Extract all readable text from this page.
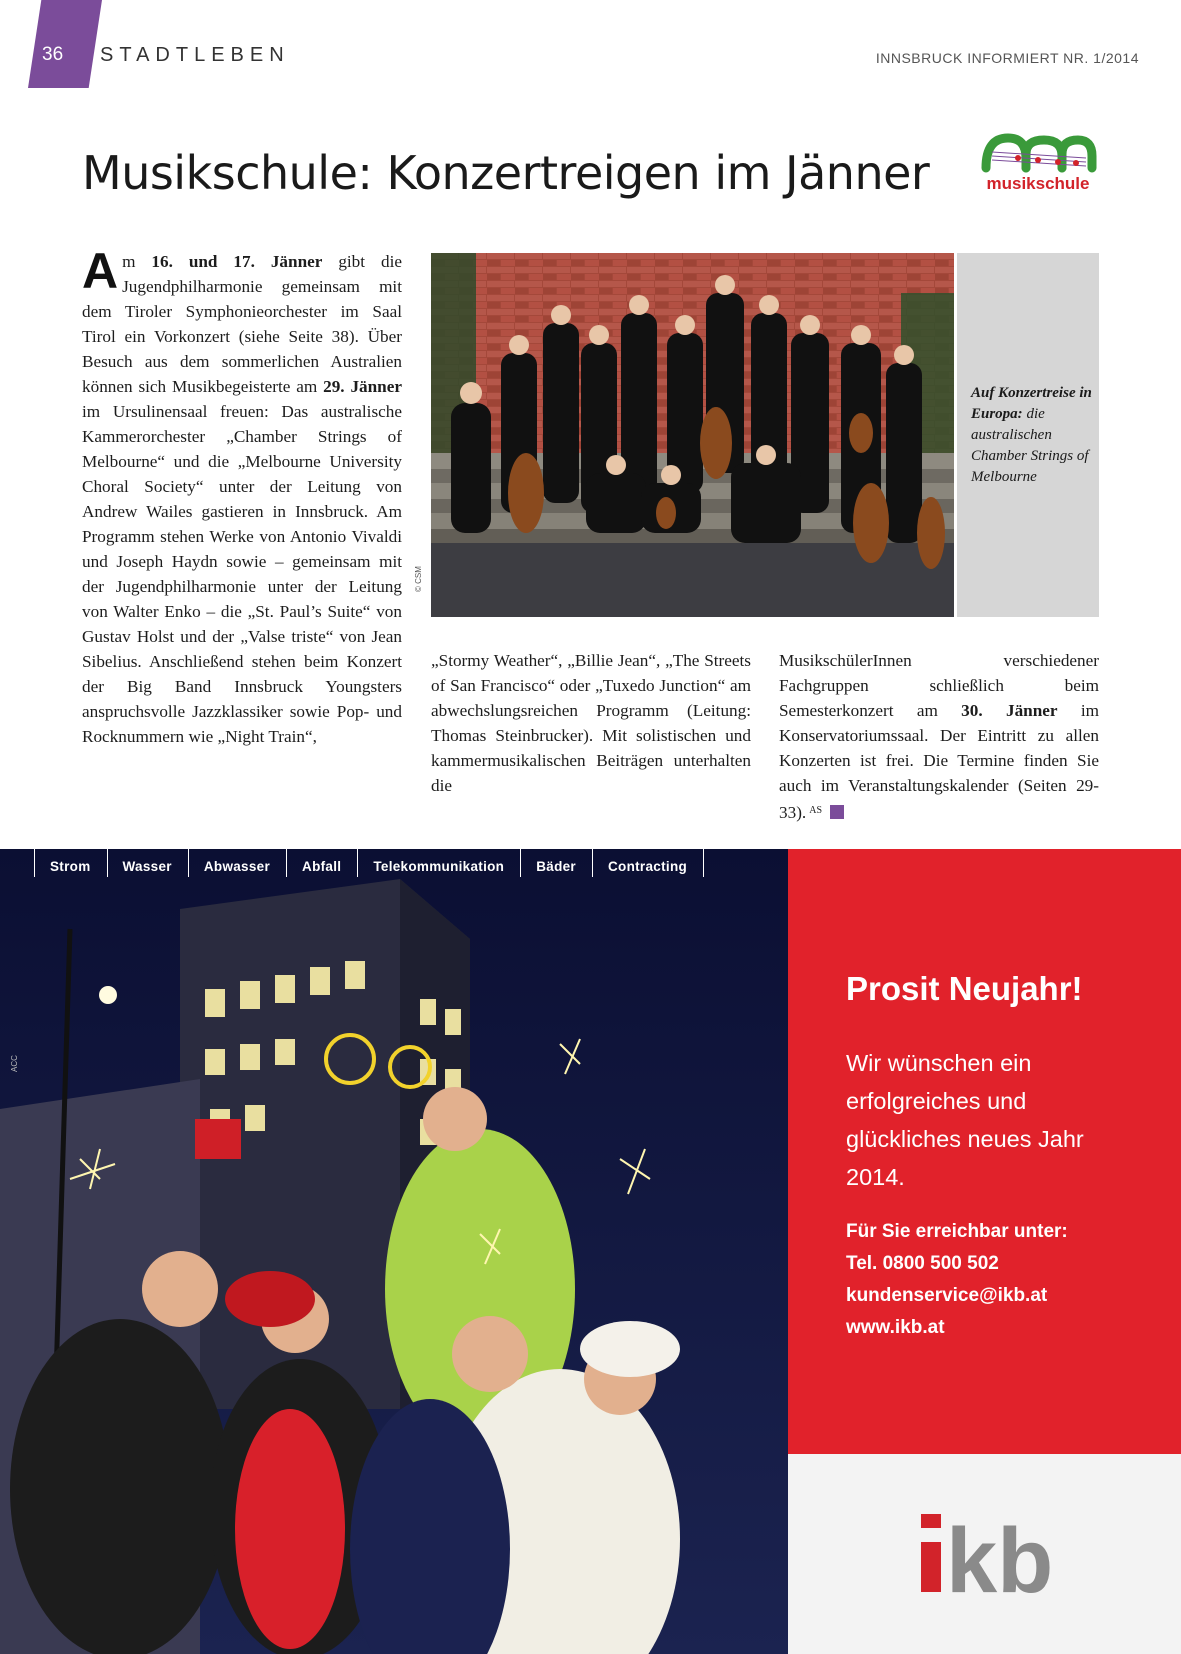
36 STADTLEBEN	INNSBRUCK INFORMIERT NR. 1/2014
Musikschule: Konzertreigen im Jänner	musikschule

Am 16. und 17. Jänner gibt die Jugendphilharmonie gemeinsam mit dem Tiroler Symphonieorchester im Saal Tirol ein Vorkonzert (siehe Seite 38). Über Besuch aus dem sommerlichen Australien können sich Musikbegeisterte am 29. Jänner im Ursulinensaal freuen: Das australische Kammerorchester „Chamber Strings of Melbourne“ und die „Melbourne University Choral Society“ unter der Leitung von Andrew Wailes gastieren in Innsbruck. Am Programm stehen Werke von Antonio Vivaldi und Joseph Haydn sowie – gemeinsam mit der Jugendphilharmonie unter der Leitung von Walter Enko – die „St. Paul’s Suite“ von Gustav Holst und der „Valse triste“ von Jean Sibelius. Anschließend stehen beim Konzert der Big Band Innsbruck Youngsters anspruchsvolle Jazzklassiker sowie Pop- und Rocknummern wie „Night Train“,

© CSM
Auf Konzertreise in Europa: die australischen Chamber Strings of Melbourne

„Stormy Weather“, „Billie Jean“, „The Streets of San Francisco“ oder „Tuxedo Junction“ am abwechslungsreichen Programm (Leitung: Thomas Steinbrucker). Mit solistischen und kammermusikalischen Beiträgen unterhalten die

MusikschülerInnen verschiedener Fachgruppen schließlich beim Semesterkonzert am 30. Jänner im Konservatoriumssaal. Der Eintritt zu allen Konzerten ist frei. Die Termine finden Sie auch im Veranstaltungskalender (Seiten 29-33). $^{AS}$

Strom	Wasser	Abwasser	Abfall	Telekommunikation	Bäder	Contracting
ACC
Prosit Neujahr!
Wir wünschen ein erfolgreiches und glückliches neues Jahr 2014.
Für Sie erreichbar unter:
Tel. 0800 500 502
kundenservice@ikb.at
www.ikb.at
kb
